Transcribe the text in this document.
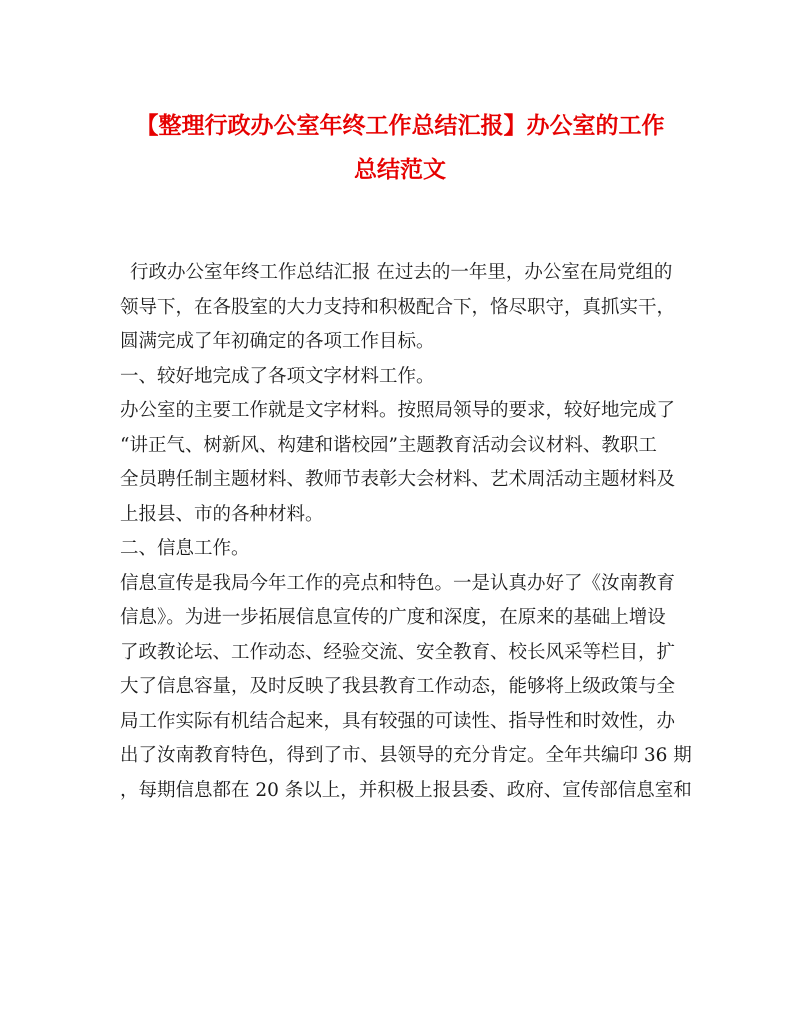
【整理行政办公室年终工作总结汇报】办公室的工作
总结范文
行政办公室年终工作总结汇报 在过去的一年里，办公室在局党组的
领导下，在各股室的大力支持和积极配合下，恪尽职守，真抓实干，
圆满完成了年初确定的各项工作目标。
一、较好地完成了各项文字材料工作。
办公室的主要工作就是文字材料。按照局领导的要求，较好地完成了
“讲正气、树新风、构建和谐校园”主题教育活动会议材料、教职工
全员聘任制主题材料、教师节表彰大会材料、艺术周活动主题材料及
上报县、市的各种材料。
二、信息工作。
信息宣传是我局今年工作的亮点和特色。一是认真办好了《汝南教育
信息》。为进一步拓展信息宣传的广度和深度，在原来的基础上增设
了政教论坛、工作动态、经验交流、安全教育、校长风采等栏目，扩
大了信息容量，及时反映了我县教育工作动态，能够将上级政策与全
局工作实际有机结合起来，具有较强的可读性、指导性和时效性，办
出了汝南教育特色，得到了市、县领导的充分肯定。全年共编印 36 期
，每期信息都在 20 条以上，并积极上报县委、政府、宣传部信息室和
